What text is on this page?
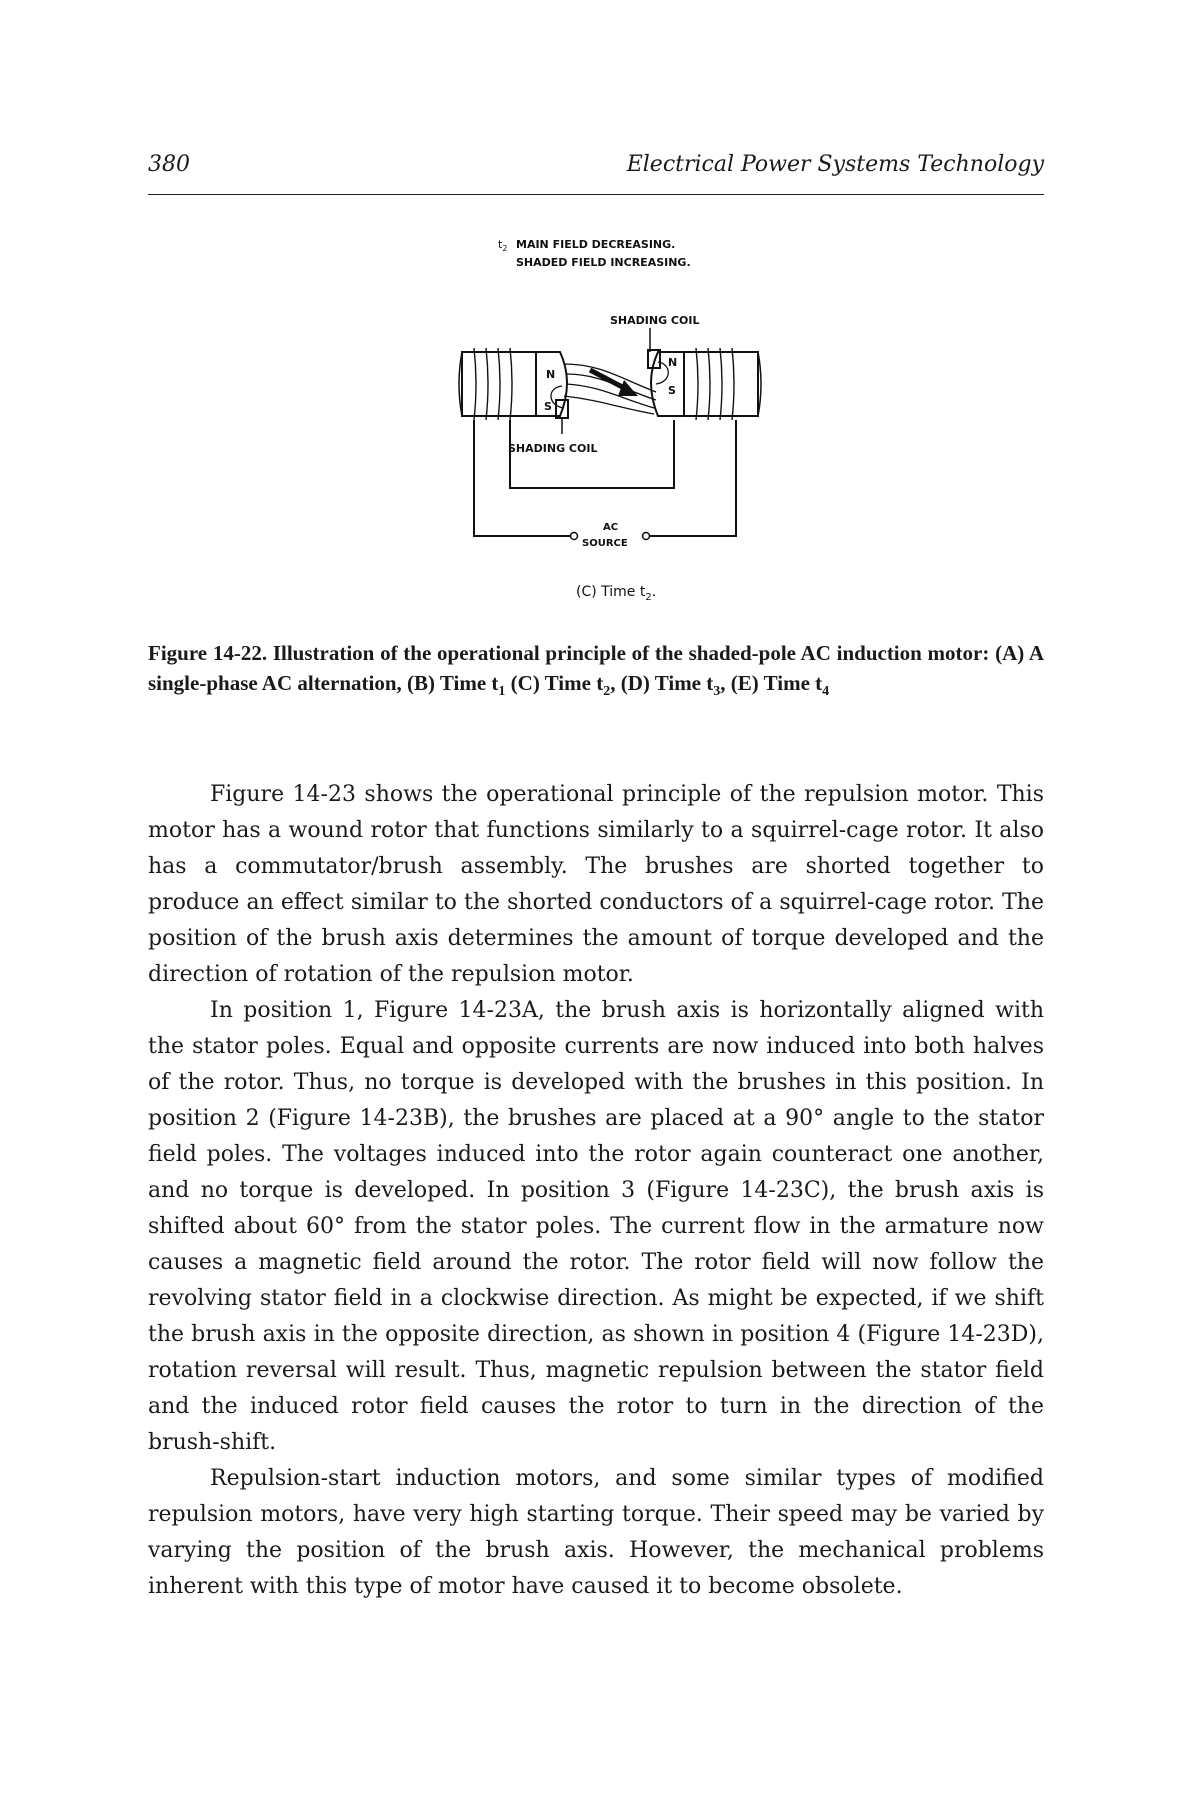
380	Electrical Power Systems Technology
$t_2$ MAIN FIELD DECREASING.
SHADED FIELD INCREASING.
SHADING COIL
N
S
N
S
SHADING COIL
AC
SOURCE
(C) Time $t_2$.
Figure 14-22. Illustration of the operational principle of the shaded-pole AC induction motor: (A) A single-phase AC alternation, (B) Time $t_1$ (C) Time $t_2$, (D) Time $t_3$, (E) Time $t_4$

Figure 14-23 shows the operational principle of the repulsion motor. This motor has a wound rotor that functions similarly to a squirrel-cage rotor. It also has a commutator/brush assembly. The brushes are shorted together to produce an effect similar to the shorted conductors of a squirrel-cage rotor. The position of the brush axis determines the amount of torque developed and the direction of rotation of the repulsion motor.

In position 1, Figure 14-23A, the brush axis is horizontally aligned with the stator poles. Equal and opposite currents are now induced into both halves of the rotor. Thus, no torque is developed with the brushes in this position. In position 2 (Figure 14-23B), the brushes are placed at a 90° angle to the stator field poles. The voltages induced into the rotor again counteract one another, and no torque is developed. In position 3 (Figure 14-23C), the brush axis is shifted about 60° from the stator poles. The current flow in the armature now causes a magnetic field around the rotor. The rotor field will now follow the revolving stator field in a clockwise direction. As might be expected, if we shift the brush axis in the opposite direction, as shown in position 4 (Figure 14-23D), rotation reversal will result. Thus, magnetic repulsion between the stator field and the induced rotor field causes the rotor to turn in the direction of the brush-shift.

Repulsion-start induction motors, and some similar types of modified repulsion motors, have very high starting torque. Their speed may be varied by varying the position of the brush axis. However, the mechanical problems inherent with this type of motor have caused it to become obsolete.
